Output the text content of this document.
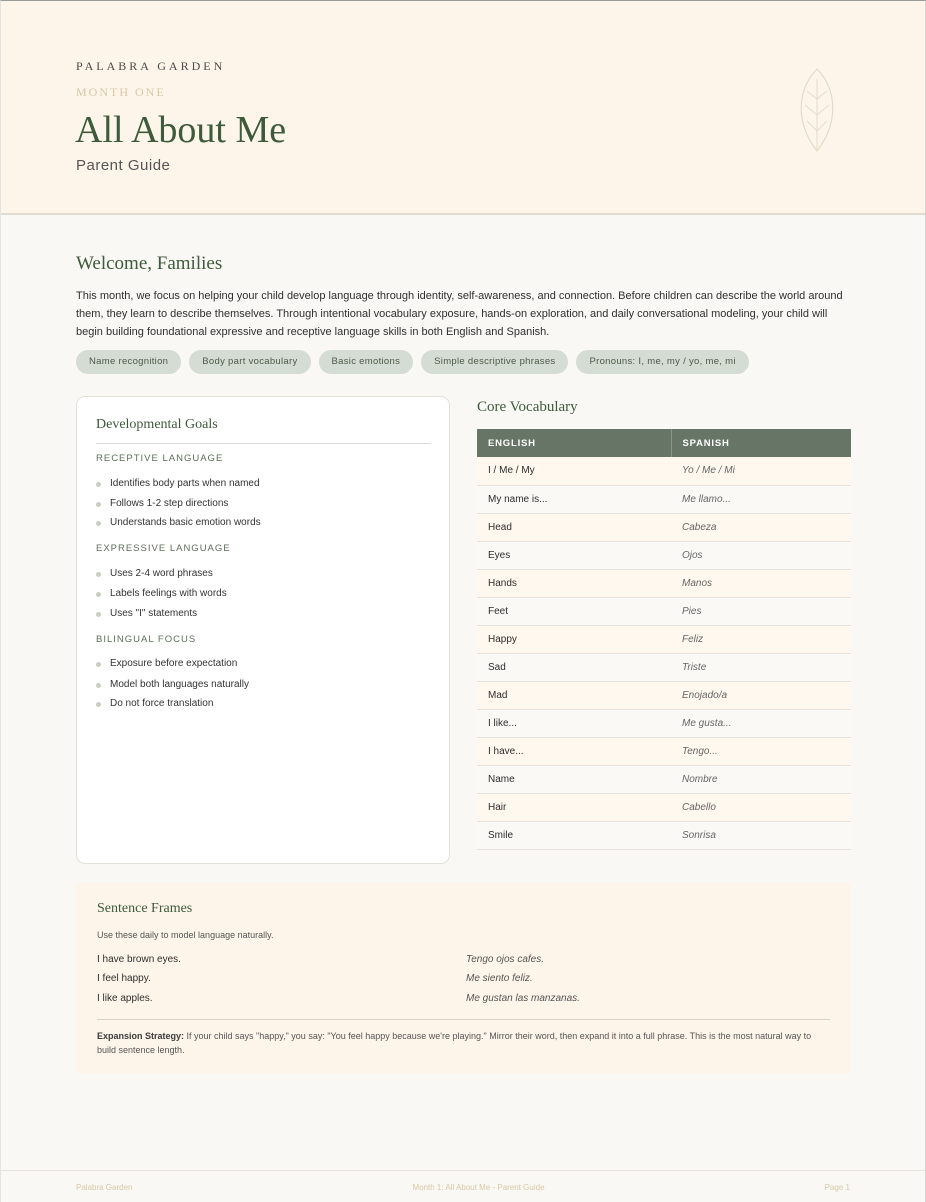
PALABRA GARDEN
MONTH ONE
All About Me
Parent Guide
Welcome, Families

This month, we focus on helping your child develop language through identity, self-awareness, and connection. Before children can describe the world around them, they learn to describe themselves. Through intentional vocabulary exposure, hands-on exploration, and daily conversational modeling, your child will begin building foundational expressive and receptive language skills in both English and Spanish.

Name recognition	Body part vocabulary	Basic emotions	Simple descriptive phrases	Pronouns: I, me, my / yo, me, mi
Developmental Goals
RECEPTIVE LANGUAGE
Identifies body parts when named
Follows 1-2 step directions
Understands basic emotion words
EXPRESSIVE LANGUAGE
Uses 2-4 word phrases
Labels feelings with words
Uses "I" statements
BILINGUAL FOCUS
Exposure before expectation
Model both languages naturally
Do not force translation
Core Vocabulary
ENGLISH	SPANISH
I / Me / My	Yo / Me / Mi
My name is...	Me llamo...
Head	Cabeza
Eyes	Ojos
Hands	Manos
Feet	Pies
Happy	Feliz
Sad	Triste
Mad	Enojado/a
I like...	Me gusta...
I have...	Tengo...
Name	Nombre
Hair	Cabello
Smile	Sonrisa
Sentence Frames
Use these daily to model language naturally.
I have brown eyes.	Tengo ojos cafes.
I feel happy.	Me siento feliz.
I like apples.	Me gustan las manzanas.
Expansion Strategy: If your child says "happy," you say: "You feel happy because we're playing." Mirror their word, then expand it into a full phrase. This is the most natural way to build sentence length.
Palabra Garden	Month 1: All About Me - Parent Guide	Page 1
